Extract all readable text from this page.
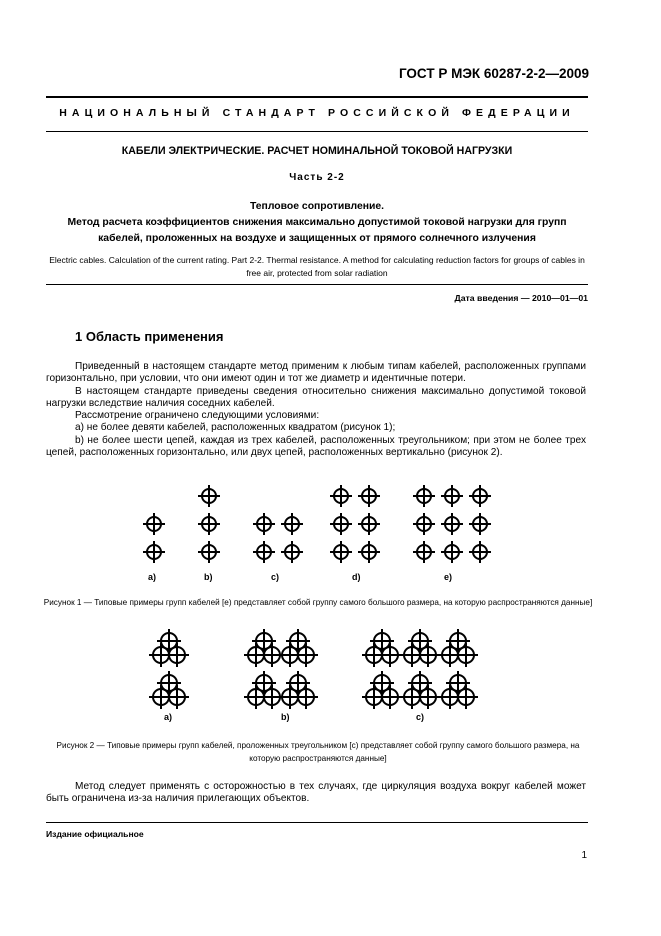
ГОСТ Р МЭК 60287-2-2—2009
НАЦИОНАЛЬНЫЙ СТАНДАРТ РОССИЙСКОЙ ФЕДЕРАЦИИ
КАБЕЛИ ЭЛЕКТРИЧЕСКИЕ. РАСЧЕТ НОМИНАЛЬНОЙ ТОКОВОЙ НАГРУЗКИ
Часть 2-2
Тепловое сопротивление.
Метод расчета коэффициентов снижения максимально допустимой токовой нагрузки для групп кабелей, проложенных на воздухе и защищенных от прямого солнечного излучения
Electric cables. Calculation of the current rating. Part 2-2. Thermal resistance. A method for calculating reduction factors for groups of cables in free air, protected from solar radiation
Дата введения — 2010—01—01
1 Область применения

Приведенный в настоящем стандарте метод применим к любым типам кабелей, расположенных группами горизонтально, при условии, что они имеют один и тот же диаметр и идентичные потери.

В настоящем стандарте приведены сведения относительно снижения максимально допустимой токовой нагрузки вследствие наличия соседних кабелей.

Рассмотрение ограничено следующими условиями:

а) не более девяти кабелей, расположенных квадратом (рисунок 1);

b) не более шести цепей, каждая из трех кабелей, расположенных треугольником; при этом не более трех цепей, расположенных горизонтально, или двух цепей, расположенных вертикально (рисунок 2).

a)	b)	c)	d)	e)
a)	b)	c)
Рисунок 1 — Типовые примеры групп кабелей [е) представляет собой группу самого большого размера, на которую распространяются данные]
Рисунок 2 — Типовые примеры групп кабелей, проложенных треугольником [с) представляет собой группу самого большого размера, на которую распространяются данные]

Метод следует применять с осторожностью в тех случаях, где циркуляция воздуха вокруг кабелей может быть ограничена из-за наличия прилегающих объектов.

Издание официальное
1
